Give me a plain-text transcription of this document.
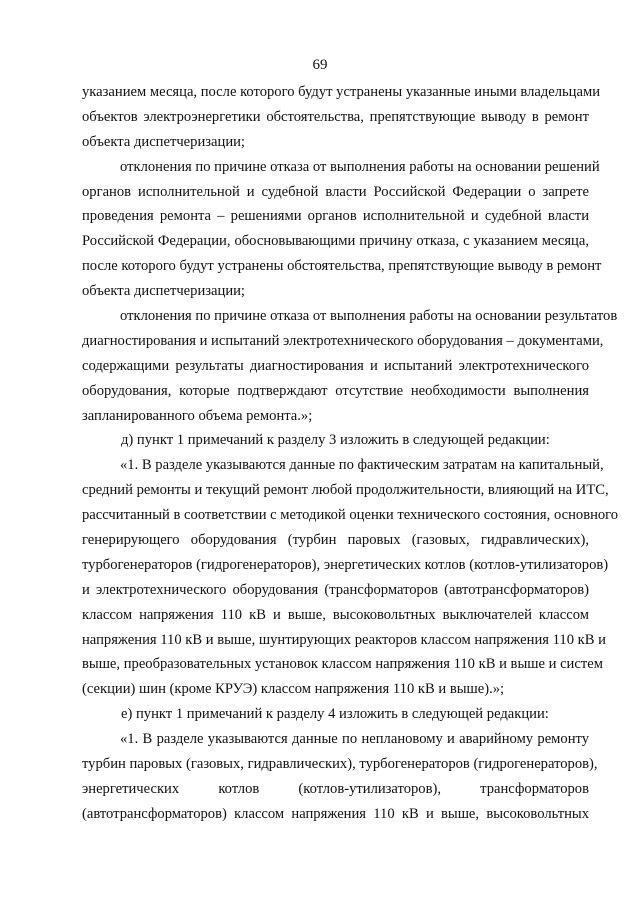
69
указанием месяца, после которого будут устранены указанные иными владельцами
объектов электроэнергетики обстоятельства, препятствующие выводу в ремонт
объекта диспетчеризации;
отклонения по причине отказа от выполнения работы на основании решений
органов исполнительной и судебной власти Российской Федерации о запрете
проведения ремонта – решениями органов исполнительной и судебной власти
Российской Федерации, обосновывающими причину отказа, с указанием месяца,
после которого будут устранены обстоятельства, препятствующие выводу в ремонт
объекта диспетчеризации;
отклонения по причине отказа от выполнения работы на основании результатов
диагностирования и испытаний электротехнического оборудования – документами,
содержащими результаты диагностирования и испытаний электротехнического
оборудования, которые подтверждают отсутствие необходимости выполнения
запланированного объема ремонта.»;
д) пункт 1 примечаний к разделу 3 изложить в следующей редакции:
«1. В разделе указываются данные по фактическим затратам на капитальный,
средний ремонты и текущий ремонт любой продолжительности, влияющий на ИТС,
рассчитанный в соответствии с методикой оценки технического состояния, основного
генерирующего оборудования (турбин паровых (газовых, гидравлических),
турбогенераторов (гидрогенераторов), энергетических котлов (котлов-утилизаторов)
и электротехнического оборудования (трансформаторов (автотрансформаторов)
классом напряжения 110 кВ и выше, высоковольтных выключателей классом
напряжения 110 кВ и выше, шунтирующих реакторов классом напряжения 110 кВ и
выше, преобразовательных установок классом напряжения 110 кВ и выше и систем
(секции) шин (кроме КРУЭ) классом напряжения 110 кВ и выше).»;
е) пункт 1 примечаний к разделу 4 изложить в следующей редакции:
«1. В разделе указываются данные по неплановому и аварийному ремонту
турбин паровых (газовых, гидравлических), турбогенераторов (гидрогенераторов),
энергетических котлов (котлов-утилизаторов), трансформаторов
(автотрансформаторов) классом напряжения 110 кВ и выше, высоковольтных
